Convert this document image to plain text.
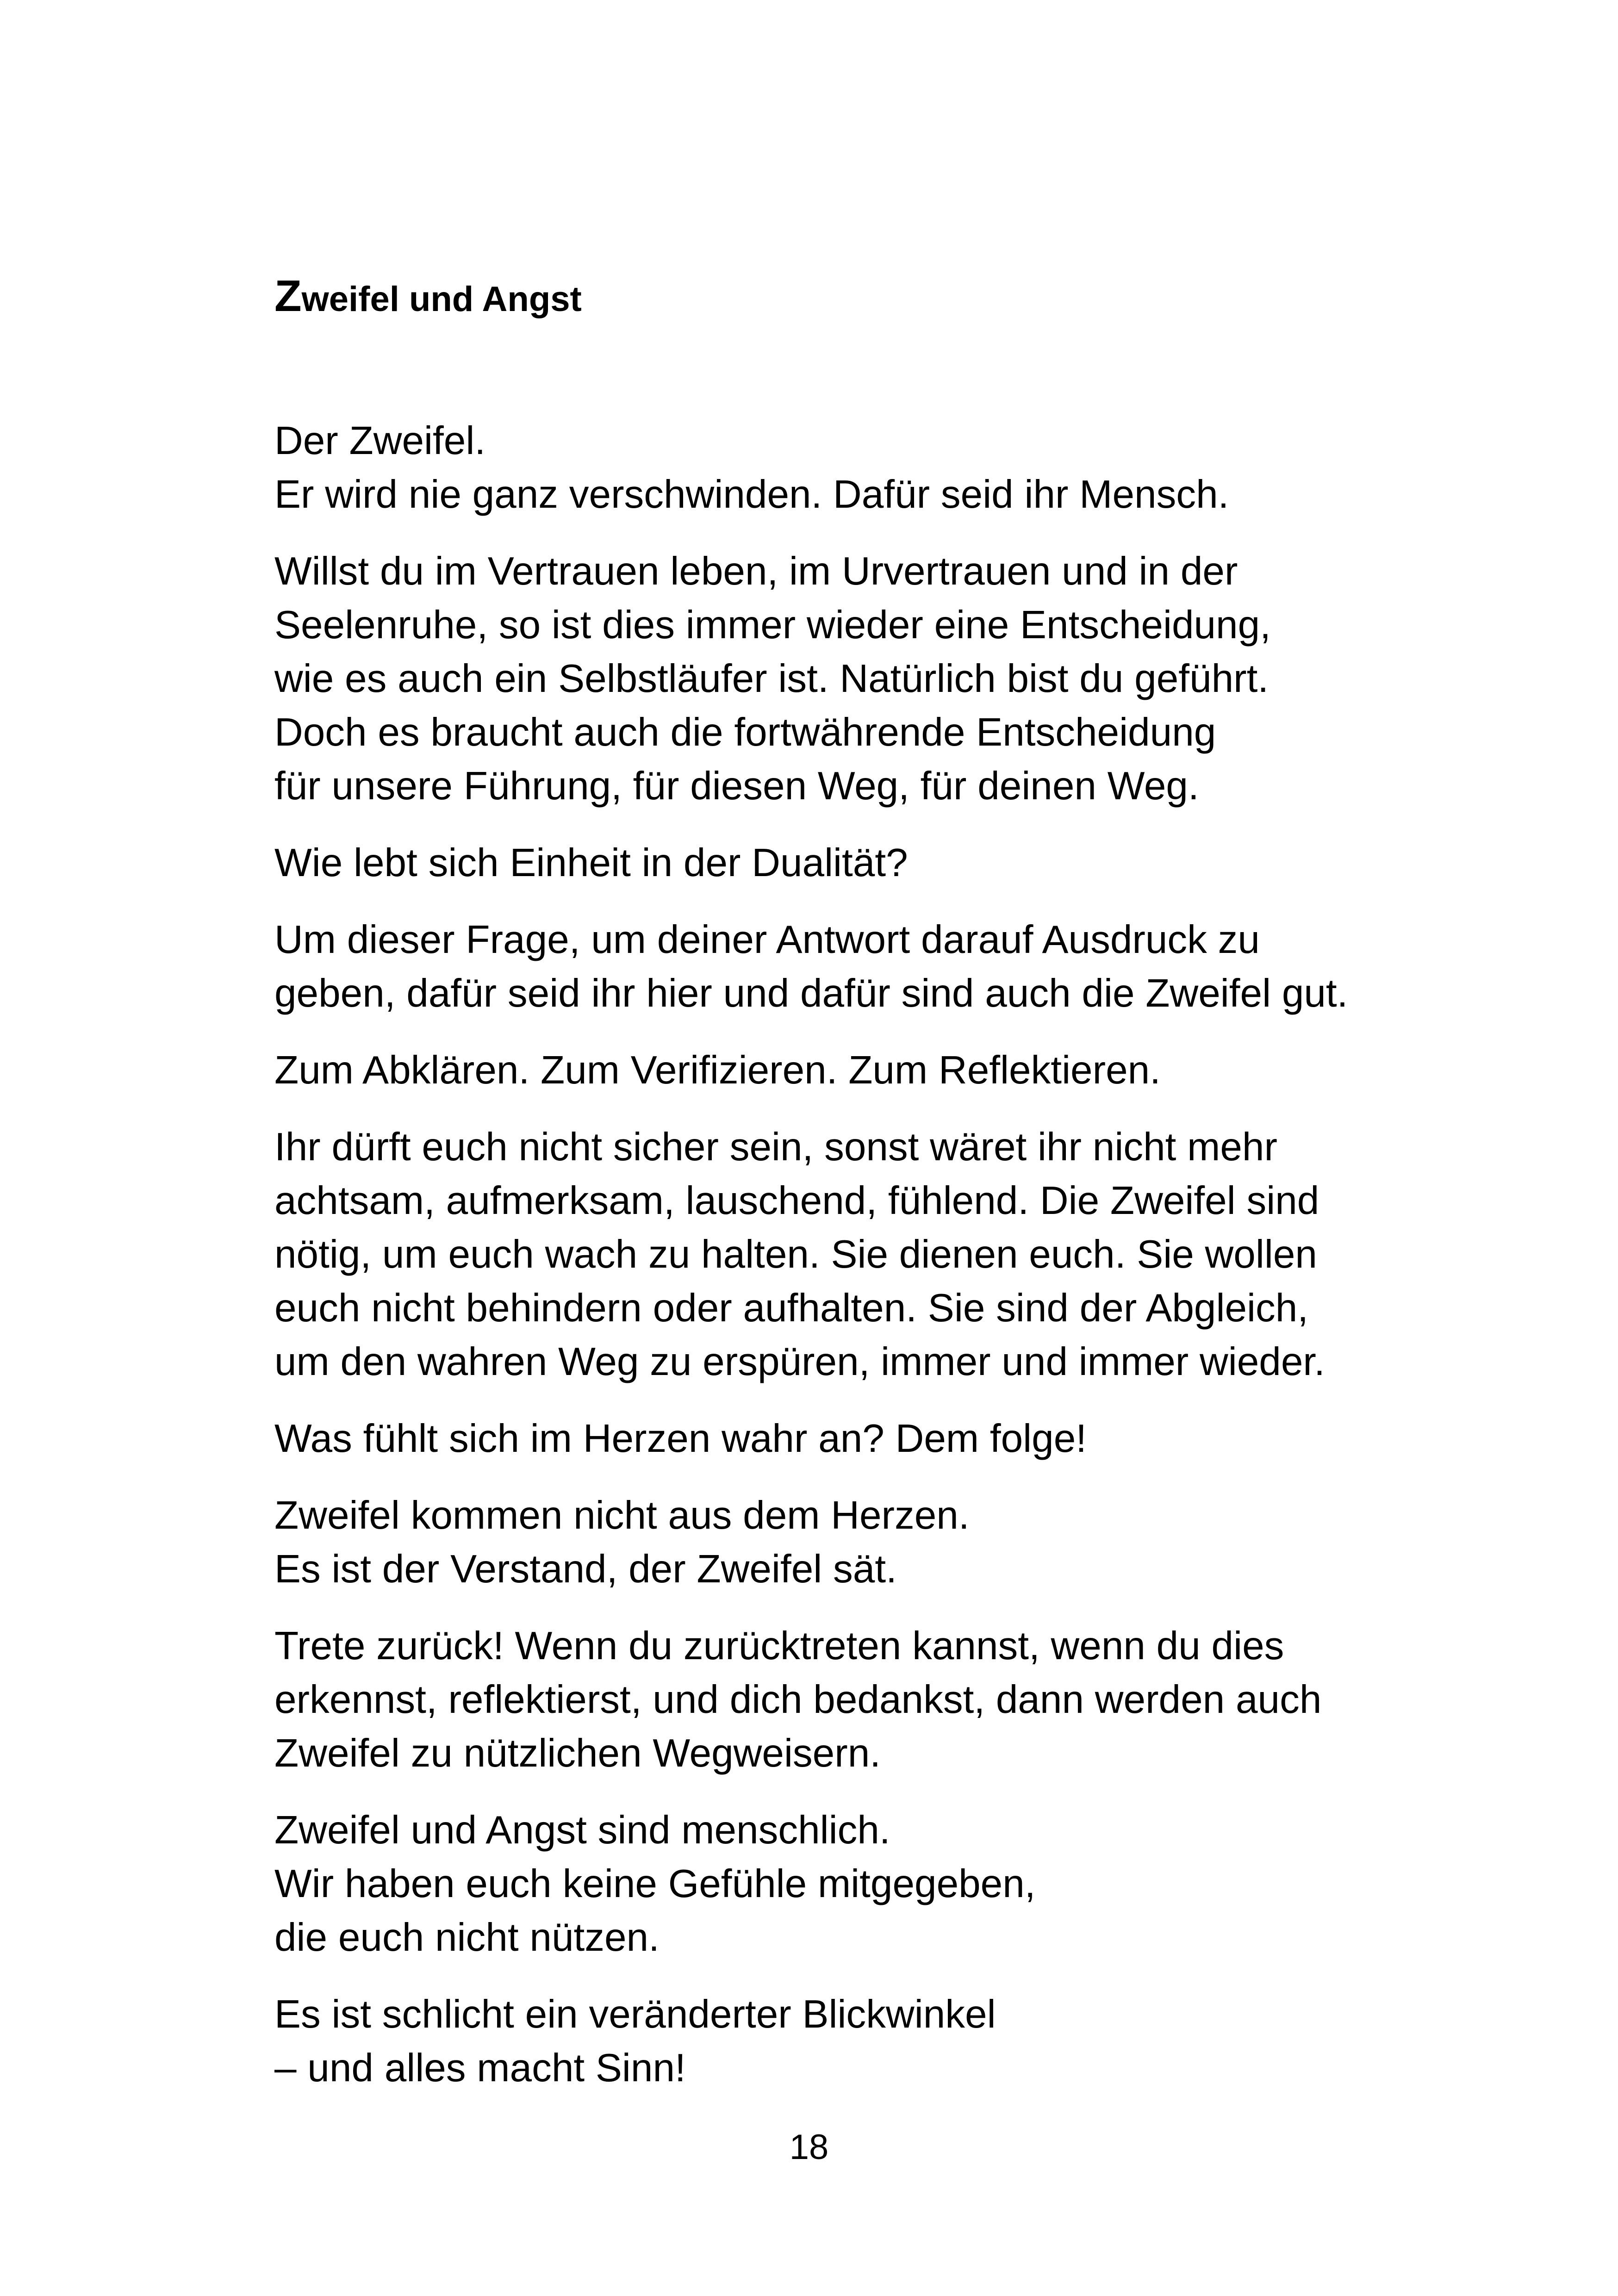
Zweifel und Angst

Der Zweifel.
Er wird nie ganz verschwinden. Dafür seid ihr Mensch.

Willst du im Vertrauen leben, im Urvertrauen und in der
Seelenruhe, so ist dies immer wieder eine Entscheidung,
wie es auch ein Selbstläufer ist. Natürlich bist du geführt.
Doch es braucht auch die fortwährende Entscheidung
für unsere Führung, für diesen Weg, für deinen Weg.

Wie lebt sich Einheit in der Dualität?

Um dieser Frage, um deiner Antwort darauf Ausdruck zu
geben, dafür seid ihr hier und dafür sind auch die Zweifel gut.

Zum Abklären. Zum Verifizieren. Zum Reflektieren.

Ihr dürft euch nicht sicher sein, sonst wäret ihr nicht mehr
achtsam, aufmerksam, lauschend, fühlend. Die Zweifel sind
nötig, um euch wach zu halten. Sie dienen euch. Sie wollen
euch nicht behindern oder aufhalten. Sie sind der Abgleich,
um den wahren Weg zu erspüren, immer und immer wieder.

Was fühlt sich im Herzen wahr an? Dem folge!

Zweifel kommen nicht aus dem Herzen.
Es ist der Verstand, der Zweifel sät.

Trete zurück! Wenn du zurücktreten kannst, wenn du dies
erkennst, reflektierst, und dich bedankst, dann werden auch
Zweifel zu nützlichen Wegweisern.

Zweifel und Angst sind menschlich.
Wir haben euch keine Gefühle mitgegeben,
die euch nicht nützen.

Es ist schlicht ein veränderter Blickwinkel
– und alles macht Sinn!

18
